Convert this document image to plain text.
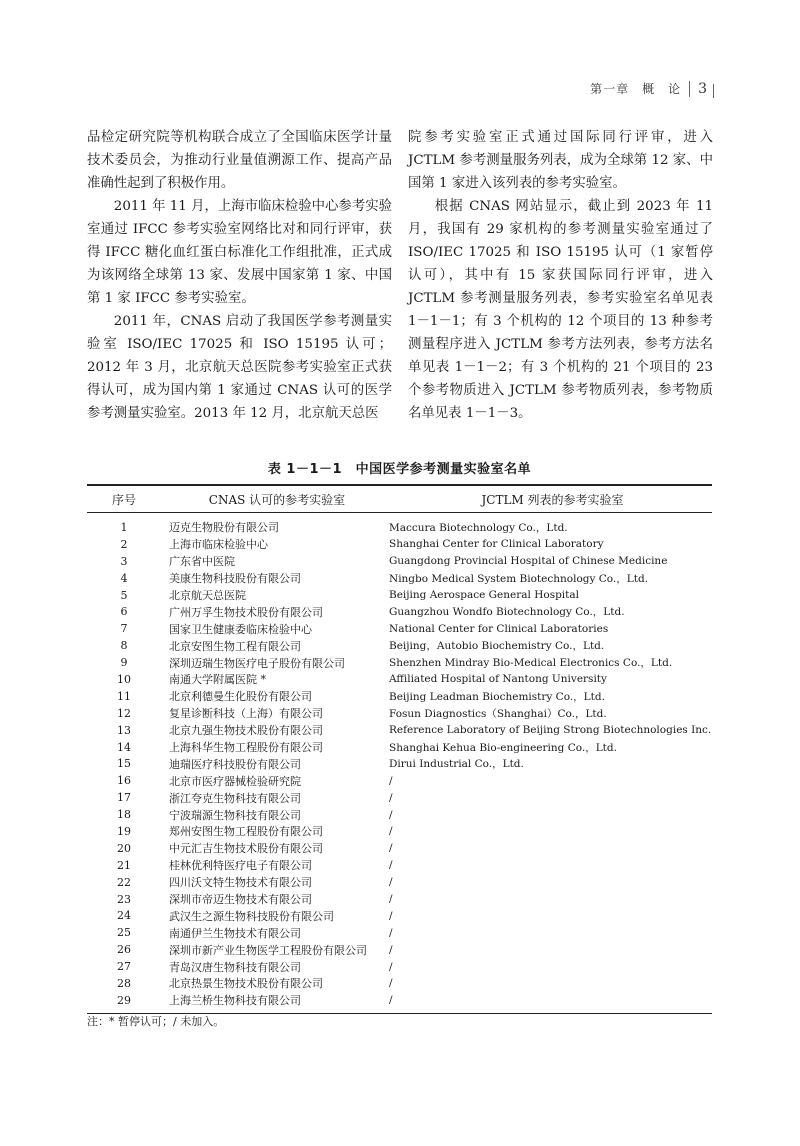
第一章　概　论 3

品检定研究院等机构联合成立了全国临床医学计量技术委员会，为推动行业量值溯源工作、提高产品准确性起到了积极作用。

2011 年 11 月，上海市临床检验中心参考实验室通过 IFCC 参考实验室网络比对和同行评审，获得 IFCC 糖化血红蛋白标准化工作组批准，正式成为该网络全球第 13 家、发展中国家第 1 家、中国第 1 家 IFCC 参考实验室。

2011 年，CNAS 启动了我国医学参考测量实验室 ISO/IEC 17025 和 ISO 15195 认可；2012 年 3 月，北京航天总医院参考实验室正式获得认可，成为国内第 1 家通过 CNAS 认可的医学参考测量实验室。2013 年 12 月，北京航天总医

院参考实验室正式通过国际同行评审，进入 JCTLM 参考测量服务列表，成为全球第 12 家、中国第 1 家进入该列表的参考实验室。

根据 CNAS 网站显示，截止到 2023 年 11 月，我国有 29 家机构的参考测量实验室通过了 ISO/IEC 17025 和 ISO 15195 认可（1 家暂停认可），其中有 15 家获国际同行评审，进入 JCTLM 参考测量服务列表，参考实验室名单见表 1－1－1；有 3 个机构的 12 个项目的 13 种参考测量程序进入 JCTLM 参考方法列表，参考方法名单见表 1－1－2；有 3 个机构的 21 个项目的 23 个参考物质进入 JCTLM 参考物质列表，参考物质名单见表 1－1－3。

表 1－1－1　中国医学参考测量实验室名单
序号	CNAS 认可的参考实验室	JCTLM 列表的参考实验室
1	迈克生物股份有限公司	Maccura Biotechnology Co.，Ltd.
2	上海市临床检验中心	Shanghai Center for Clinical Laboratory
3	广东省中医院	Guangdong Provincial Hospital of Chinese Medicine
4	美康生物科技股份有限公司	Ningbo Medical System Biotechnology Co.，Ltd.
5	北京航天总医院	Beijing Aerospace General Hospital
6	广州万孚生物技术股份有限公司	Guangzhou Wondfo Biotechnology Co.，Ltd.
7	国家卫生健康委临床检验中心	National Center for Clinical Laboratories
8	北京安图生物工程有限公司	Beijing，Autobio Biochemistry Co.，Ltd.
9	深圳迈瑞生物医疗电子股份有限公司	Shenzhen Mindray Bio-Medical Electronics Co.，Ltd.
10	南通大学附属医院 *	Affiliated Hospital of Nantong University
11	北京利德曼生化股份有限公司	Beijing Leadman Biochemistry Co.，Ltd.
12	复星诊断科技（上海）有限公司	Fosun Diagnostics（Shanghai）Co.，Ltd.
13	北京九强生物技术股份有限公司	Reference Laboratory of Beijing Strong Biotechnologies Inc.
14	上海科华生物工程股份有限公司	Shanghai Kehua Bio-engineering Co.，Ltd.
15	迪瑞医疗科技股份有限公司	Dirui Industrial Co.，Ltd.
16	北京市医疗器械检验研究院	/
17	浙江夸克生物科技有限公司	/
18	宁波瑞源生物科技有限公司	/
19	郑州安图生物工程股份有限公司	/
20	中元汇吉生物技术股份有限公司	/
21	桂林优利特医疗电子有限公司	/
22	四川沃文特生物技术有限公司	/
23	深圳市帝迈生物技术有限公司	/
24	武汉生之源生物科技股份有限公司	/
25	南通伊兰生物技术有限公司	/
26	深圳市新产业生物医学工程股份有限公司	/
27	青岛汉唐生物科技有限公司	/
28	北京热景生物技术股份有限公司	/
29	上海兰桥生物科技有限公司	/
注：* 暂停认可；/ 未加入。
